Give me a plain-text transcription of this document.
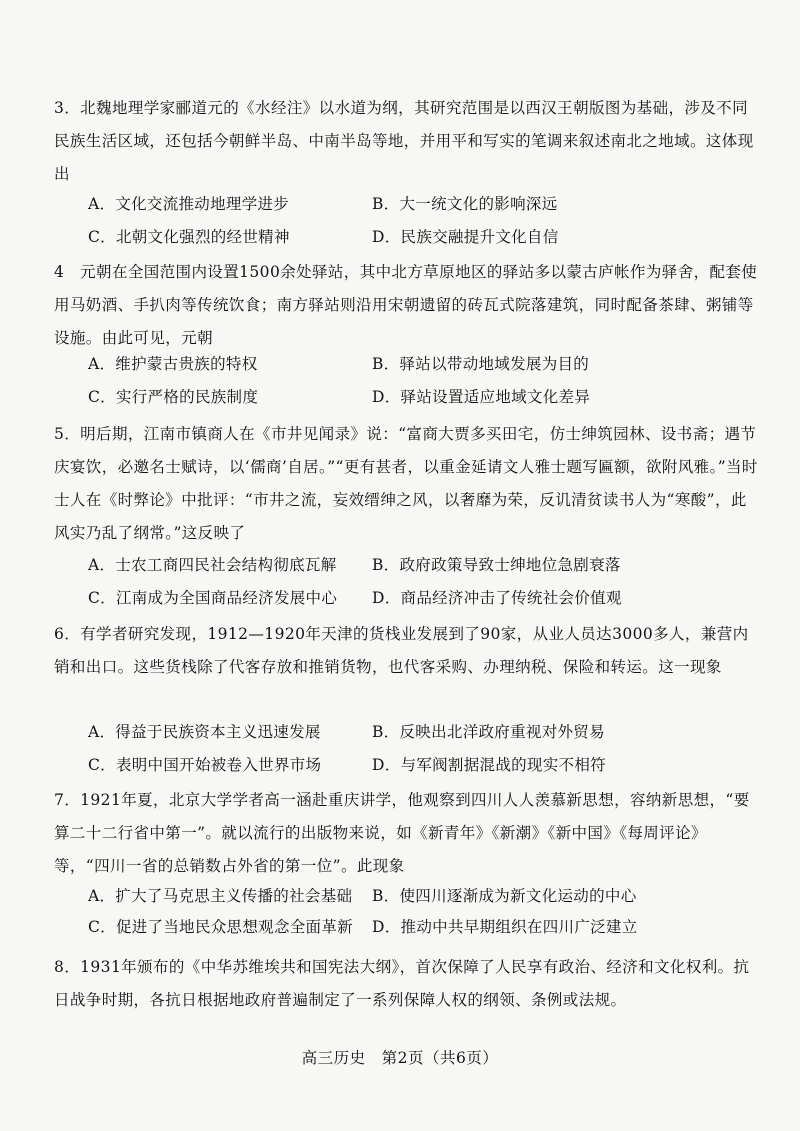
3．北魏地理学家郦道元的《水经注》以水道为纲，其研究范围是以西汉王朝版图为基础，涉及不同民族生活区域，还包括今朝鲜半岛、中南半岛等地，并用平和写实的笔调来叙述南北之地域。这体现出

A．文化交流推动地理学进步	B．大一统文化的影响深远
C．北朝文化强烈的经世精神	D．民族交融提升文化自信

4　元朝在全国范围内设置1500余处驿站，其中北方草原地区的驿站多以蒙古庐帐作为驿舍，配套使用马奶酒、手扒肉等传统饮食；南方驿站则沿用宋朝遗留的砖瓦式院落建筑，同时配备茶肆、粥铺等设施。由此可见，元朝

A．维护蒙古贵族的特权	B．驿站以带动地域发展为目的
C．实行严格的民族制度	D．驿站设置适应地域文化差异

5．明后期，江南市镇商人在《市井见闻录》说：“富商大贾多买田宅，仿士绅筑园林、设书斋；遇节庆宴饮，必邀名士赋诗，以‘儒商’自居。”“更有甚者，以重金延请文人雅士题写匾额，欲附风雅。”当时士人在《时弊论》中批评：“市井之流，妄效缙绅之风，以奢靡为荣，反讥清贫读书人为“寒酸”，此风实乃乱了纲常。”这反映了

A．士农工商四民社会结构彻底瓦解 B．政府政策导致士绅地位急剧衰落
C．江南成为全国商品经济发展中心 D．商品经济冲击了传统社会价值观

6．有学者研究发现，1912—1920年天津的货栈业发展到了90家，从业人员达3000多人，兼营内销和出口。这些货栈除了代客存放和推销货物，也代客采购、办理纳税、保险和转运。这一现象

A．得益于民族资本主义迅速发展	B．反映出北洋政府重视对外贸易
C．表明中国开始被卷入世界市场	D．与军阀割据混战的现实不相符

7．1921年夏，北京大学学者高一涵赴重庆讲学，他观察到四川人人羡慕新思想，容纳新思想，“要算二十二行省中第一”。就以流行的出版物来说，如《新青年》《新潮》《新中国》《每周评论》等，“四川一省的总销数占外省的第一位”。此现象

A．扩大了马克思主义传播的社会基础 B．使四川逐渐成为新文化运动的中心
C．促进了当地民众思想观念全面革新 D．推动中共早期组织在四川广泛建立

8．1931年颁布的《中华苏维埃共和国宪法大纲》，首次保障了人民享有政治、经济和文化权利。抗日战争时期，各抗日根据地政府普遍制定了一系列保障人权的纲领、条例或法规。

高三历史　第2页（共6页）
